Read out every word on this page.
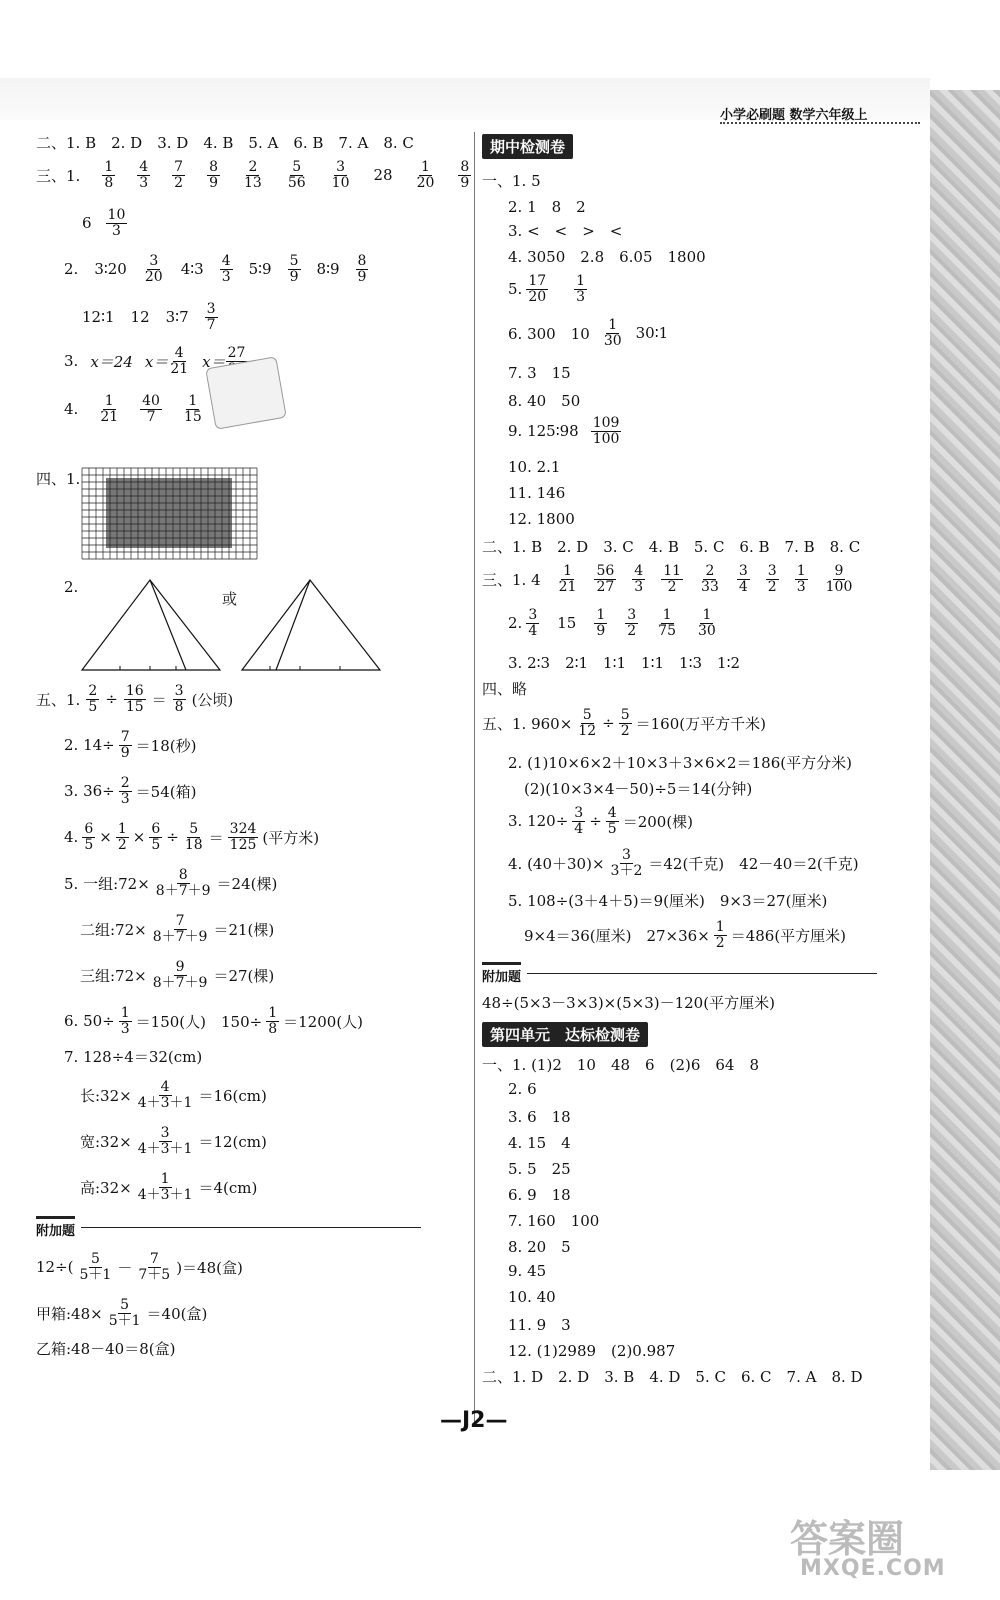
小学必刷题 数学六年级上
二、1. B　2. D　3. D　4. B　5. A　6. B　7. A　8. C
三、1. $\frac{1}{8} \frac{4}{3} \frac{7}{2} \frac{8}{9} \frac{2}{13} \frac{5}{56} \frac{3}{10} 28 \frac{1}{20} \frac{8}{9}$
$6 \frac{10}{3}$
2. 3∶20 $\frac{3}{20}$ 4∶3 $\frac{4}{3}$ 5∶9 $\frac{5}{9}$ 8∶9 $\frac{8}{9}$
12∶1 12 3∶7 $\frac{3}{7}$
3. x＝24 $x= \frac{4}{21} x= 27$
4. $\frac{1}{21} \frac{40}{7} \frac{1}{15}$
四、1.
2.
或
五、1. $\frac{2}{5} \div \frac{16}{15} = \frac{3}{8}$ (公顷)
2. $14\div \frac{7}{9} =18$(秒)
3. $36\div \frac{2}{3} =54$(箱)
4. $\frac{6}{5} \times \frac{1}{2} \times \frac{6}{5} \div \frac{5}{18} = \frac{324}{125}$ (平方米)
5. 一组:72× $\frac{8}{8+7+9} =24$(棵)
二组:72× $\frac{7}{8+7+9} =21$(棵)
三组:72× $\frac{9}{8+7+9} =27$(棵)
6. $50\div \frac{1}{3} =150$(人)　$150\div \frac{1}{8} =1200$(人)
7. 128÷4＝32(cm)
长:32× $\frac{4}{4+3+1} =16(cm)$
宽:32× $\frac{3}{4+3+1} =12(cm)$
高:32× $\frac{1}{4+3+1} =4(cm)$
附加题
$12\div( \frac{5}{5+1} - \frac{7}{7+5} )=48$(盒)
甲箱:48× $\frac{5}{5+1} =40$(盒)
乙箱:48－40＝8(盒)
期中检测卷
一、1. 5
2. 1　8　2
3. <　<　>　<
4. 3050　2.8　6.05　1800
5. $\frac{17}{20} \frac{1}{3}$
6. 300　$10 \frac{1}{30}$ 30∶1
7. 3　15
8. 40　50
9. 125∶98 $\frac{109}{100}$
10. 2.1
11. 146
12. 1800
二、1. B　2. D　3. C　4. B　5. C　6. B　7. B　8. C
三、1. $4 \frac{1}{21} \frac{56}{27} \frac{4}{3} \frac{11}{2} \frac{2}{33} \frac{3}{4} \frac{3}{2} \frac{1}{3} \frac{9}{100}$
2. $\frac{3}{4} 15 \frac{1}{9} \frac{3}{2} \frac{1}{75} \frac{1}{30}$
3. 2∶3　2∶1　1∶1　1∶1　1∶3　1∶2
四、略
五、1. $960\times \frac{5}{12} \div \frac{5}{2} =160$(万平方千米)
2. (1)10×6×2＋10×3＋3×6×2＝186(平方分米)
(2)(10×3×4－50)÷5＝14(分钟)
3. $120\div \frac{3}{4} \div \frac{4}{5} =200$(棵)
4. $(40+30)\times \frac{3}{3+2} =42$(千克)　42－40＝2(千克)
5. 108÷(3＋4＋5)＝9(厘米)　9×3＝27(厘米)
9×4＝36(厘米)　$27\times 36\times \frac{1}{2} =486$(平方厘米)
附加题
48÷(5×3－3×3)×(5×3)－120(平方厘米)
第四单元　达标检测卷
一、1. (1)2　10　48　6　(2)6　64　8
2. 6
3. 6　18
4. 15　4
5. 5　25
6. 9　18
7. 160　100
8. 20　5
9. 45
10. 40
11. 9　3
12. (1)2989　(2)0.987
二、1. D　2. D　3. B　4. D　5. C　6. C　7. A　8. D
—J2—
答案圈
MXQE.COM
